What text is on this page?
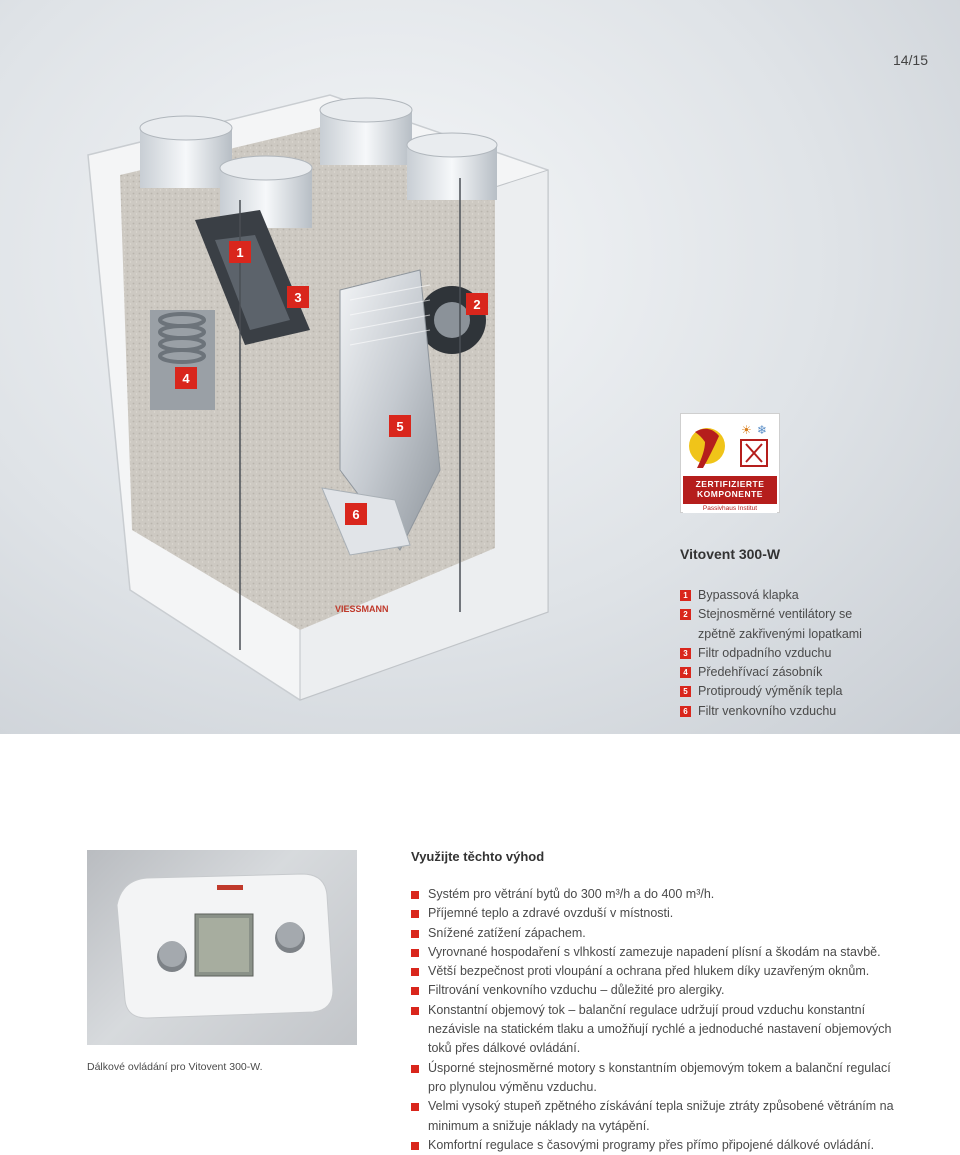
VIESSMANN
14/15
1
2
3
4
5
6
☀ ❄
ZERTIFIZIERTE
KOMPONENTE
Passivhaus Institut
Vitovent 300-W
1 Bypassová klapka
2 Stejnosměrné ventilátory se
zpětně zakřivenými lopatkami
3 Filtr odpadního vzduchu
4 Předehřívací zásobník
5 Protiproudý výměník tepla
6 Filtr venkovního vzduchu
Dálkové ovládání pro Vitovent 300-W.
Využijte těchto výhod
Systém pro větrání bytů do 300 m³/h a do 400 m³/h.
Příjemné teplo a zdravé ovzduší v místnosti.
Snížené zatížení zápachem.
Vyrovnané hospodaření s vlhkostí zamezuje napadení plísní a škodám na stavbě.
Větší bezpečnost proti vloupání a ochrana před hlukem díky uzavřeným oknům.
Filtrování venkovního vzduchu – důležité pro alergiky.
Konstantní objemový tok – balanční regulace udržují proud vzduchu konstantní nezávisle na statickém tlaku a umožňují rychlé a jednoduché nastavení objemových toků přes dálkové ovládání.
Úsporné stejnosměrné motory s konstantním objemovým tokem a balanční regulací pro plynulou výměnu vzduchu.
Velmi vysoký stupeň zpětného získávání tepla snižuje ztráty způsobené větráním na minimum a snižuje náklady na vytápění.
Komfortní regulace s časovými programy přes přímo připojené dálkové ovládání.
